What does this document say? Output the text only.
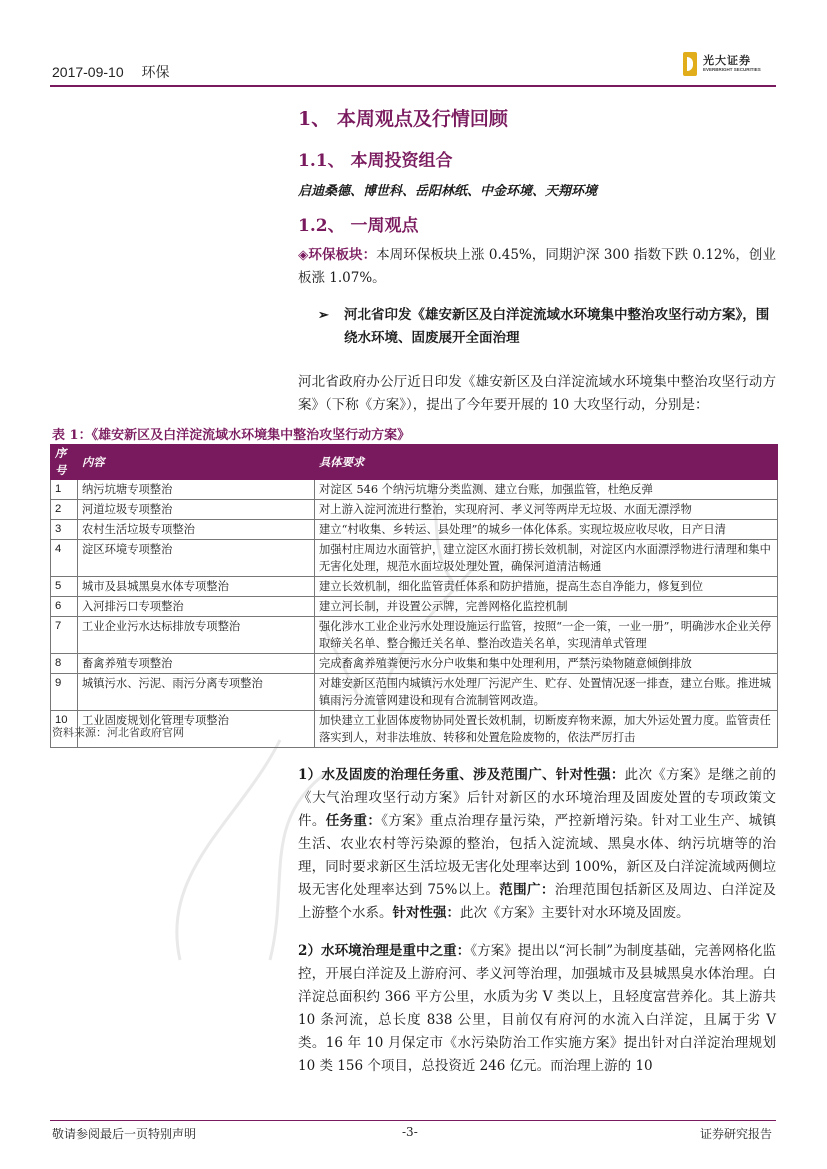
2017-09-10 环保
光大证券
EVERBRIGHT SECURITIES
1、 本周观点及行情回顾
1.1、 本周投资组合
启迪桑德、博世科、岳阳林纸、中金环境、天翔环境
1.2、 一周观点
◈环保板块：本周环保板块上涨 0.45%，同期沪深 300 指数下跌 0.12%，创业板涨 1.07%。
➢	河北省印发《雄安新区及白洋淀流域水环境集中整治攻坚行动方案》，围绕水环境、固废展开全面治理
河北省政府办公厅近日印发《雄安新区及白洋淀流域水环境集中整治攻坚行动方案》（下称《方案》），提出了今年要开展的 10 大攻坚行动，分别是：
表 1：《雄安新区及白洋淀流域水环境集中整治攻坚行动方案》
序号	内容	具体要求
1	纳污坑塘专项整治	对淀区 546 个纳污坑塘分类监测、建立台账，加强监管，杜绝反弹
2	河道垃圾专项整治	对上游入淀河流进行整治，实现府河、孝义河等两岸无垃圾、水面无漂浮物
3	农村生活垃圾专项整治	建立“村收集、乡转运、县处理”的城乡一体化体系。实现垃圾应收尽收，日产日清
4	淀区环境专项整治	加强村庄周边水面管护，建立淀区水面打捞长效机制，对淀区内水面漂浮物进行清理和集中无害化处理，规范水面垃圾处理处置，确保河道清洁畅通
5	城市及县城黑臭水体专项整治	建立长效机制，细化监管责任体系和防护措施，提高生态自净能力，修复到位
6	入河排污口专项整治	建立河长制，并设置公示牌，完善网格化监控机制
7	工业企业污水达标排放专项整治	强化涉水工业企业污水处理设施运行监管，按照“一企一策，一业一册”，明确涉水企业关停取缔关名单、整合搬迁关名单、整治改造关名单，实现清单式管理
8	畜禽养殖专项整治	完成畜禽养殖粪便污水分户收集和集中处理利用，严禁污染物随意倾倒排放
9	城镇污水、污泥、雨污分离专项整治	对雄安新区范围内城镇污水处理厂污泥产生、贮存、处置情况逐一排查，建立台账。推进城镇雨污分流管网建设和现有合流制管网改造。
10	工业固废规划化管理专项整治	加快建立工业固体废物协同处置长效机制，切断废弃物来源，加大外运处置力度。监管责任落实到人，对非法堆放、转移和处置危险废物的，依法严厉打击
资料来源：河北省政府官网
1）水及固废的治理任务重、涉及范围广、针对性强：此次《方案》是继之前的《大气治理攻坚行动方案》后针对新区的水环境治理及固废处置的专项政策文件。任务重：《方案》重点治理存量污染，严控新增污染。针对工业生产、城镇生活、农业农村等污染源的整治，包括入淀流域、黑臭水体、纳污坑塘等的治理，同时要求新区生活垃圾无害化处理率达到 100%，新区及白洋淀流域两侧垃圾无害化处理率达到 75%以上。范围广：治理范围包括新区及周边、白洋淀及上游整个水系。针对性强：此次《方案》主要针对水环境及固废。
2）水环境治理是重中之重：《方案》提出以“河长制”为制度基础，完善网格化监控，开展白洋淀及上游府河、孝义河等治理，加强城市及县城黑臭水体治理。白洋淀总面积约 366 平方公里，水质为劣 V 类以上，且轻度富营养化。其上游共 10 条河流，总长度 838 公里，目前仅有府河的水流入白洋淀，且属于劣 V 类。16 年 10 月保定市《水污染防治工作实施方案》提出针对白洋淀治理规划 10 类 156 个项目，总投资近 246 亿元。而治理上游的 10
敬请参阅最后一页特别声明	-3-	证券研究报告
